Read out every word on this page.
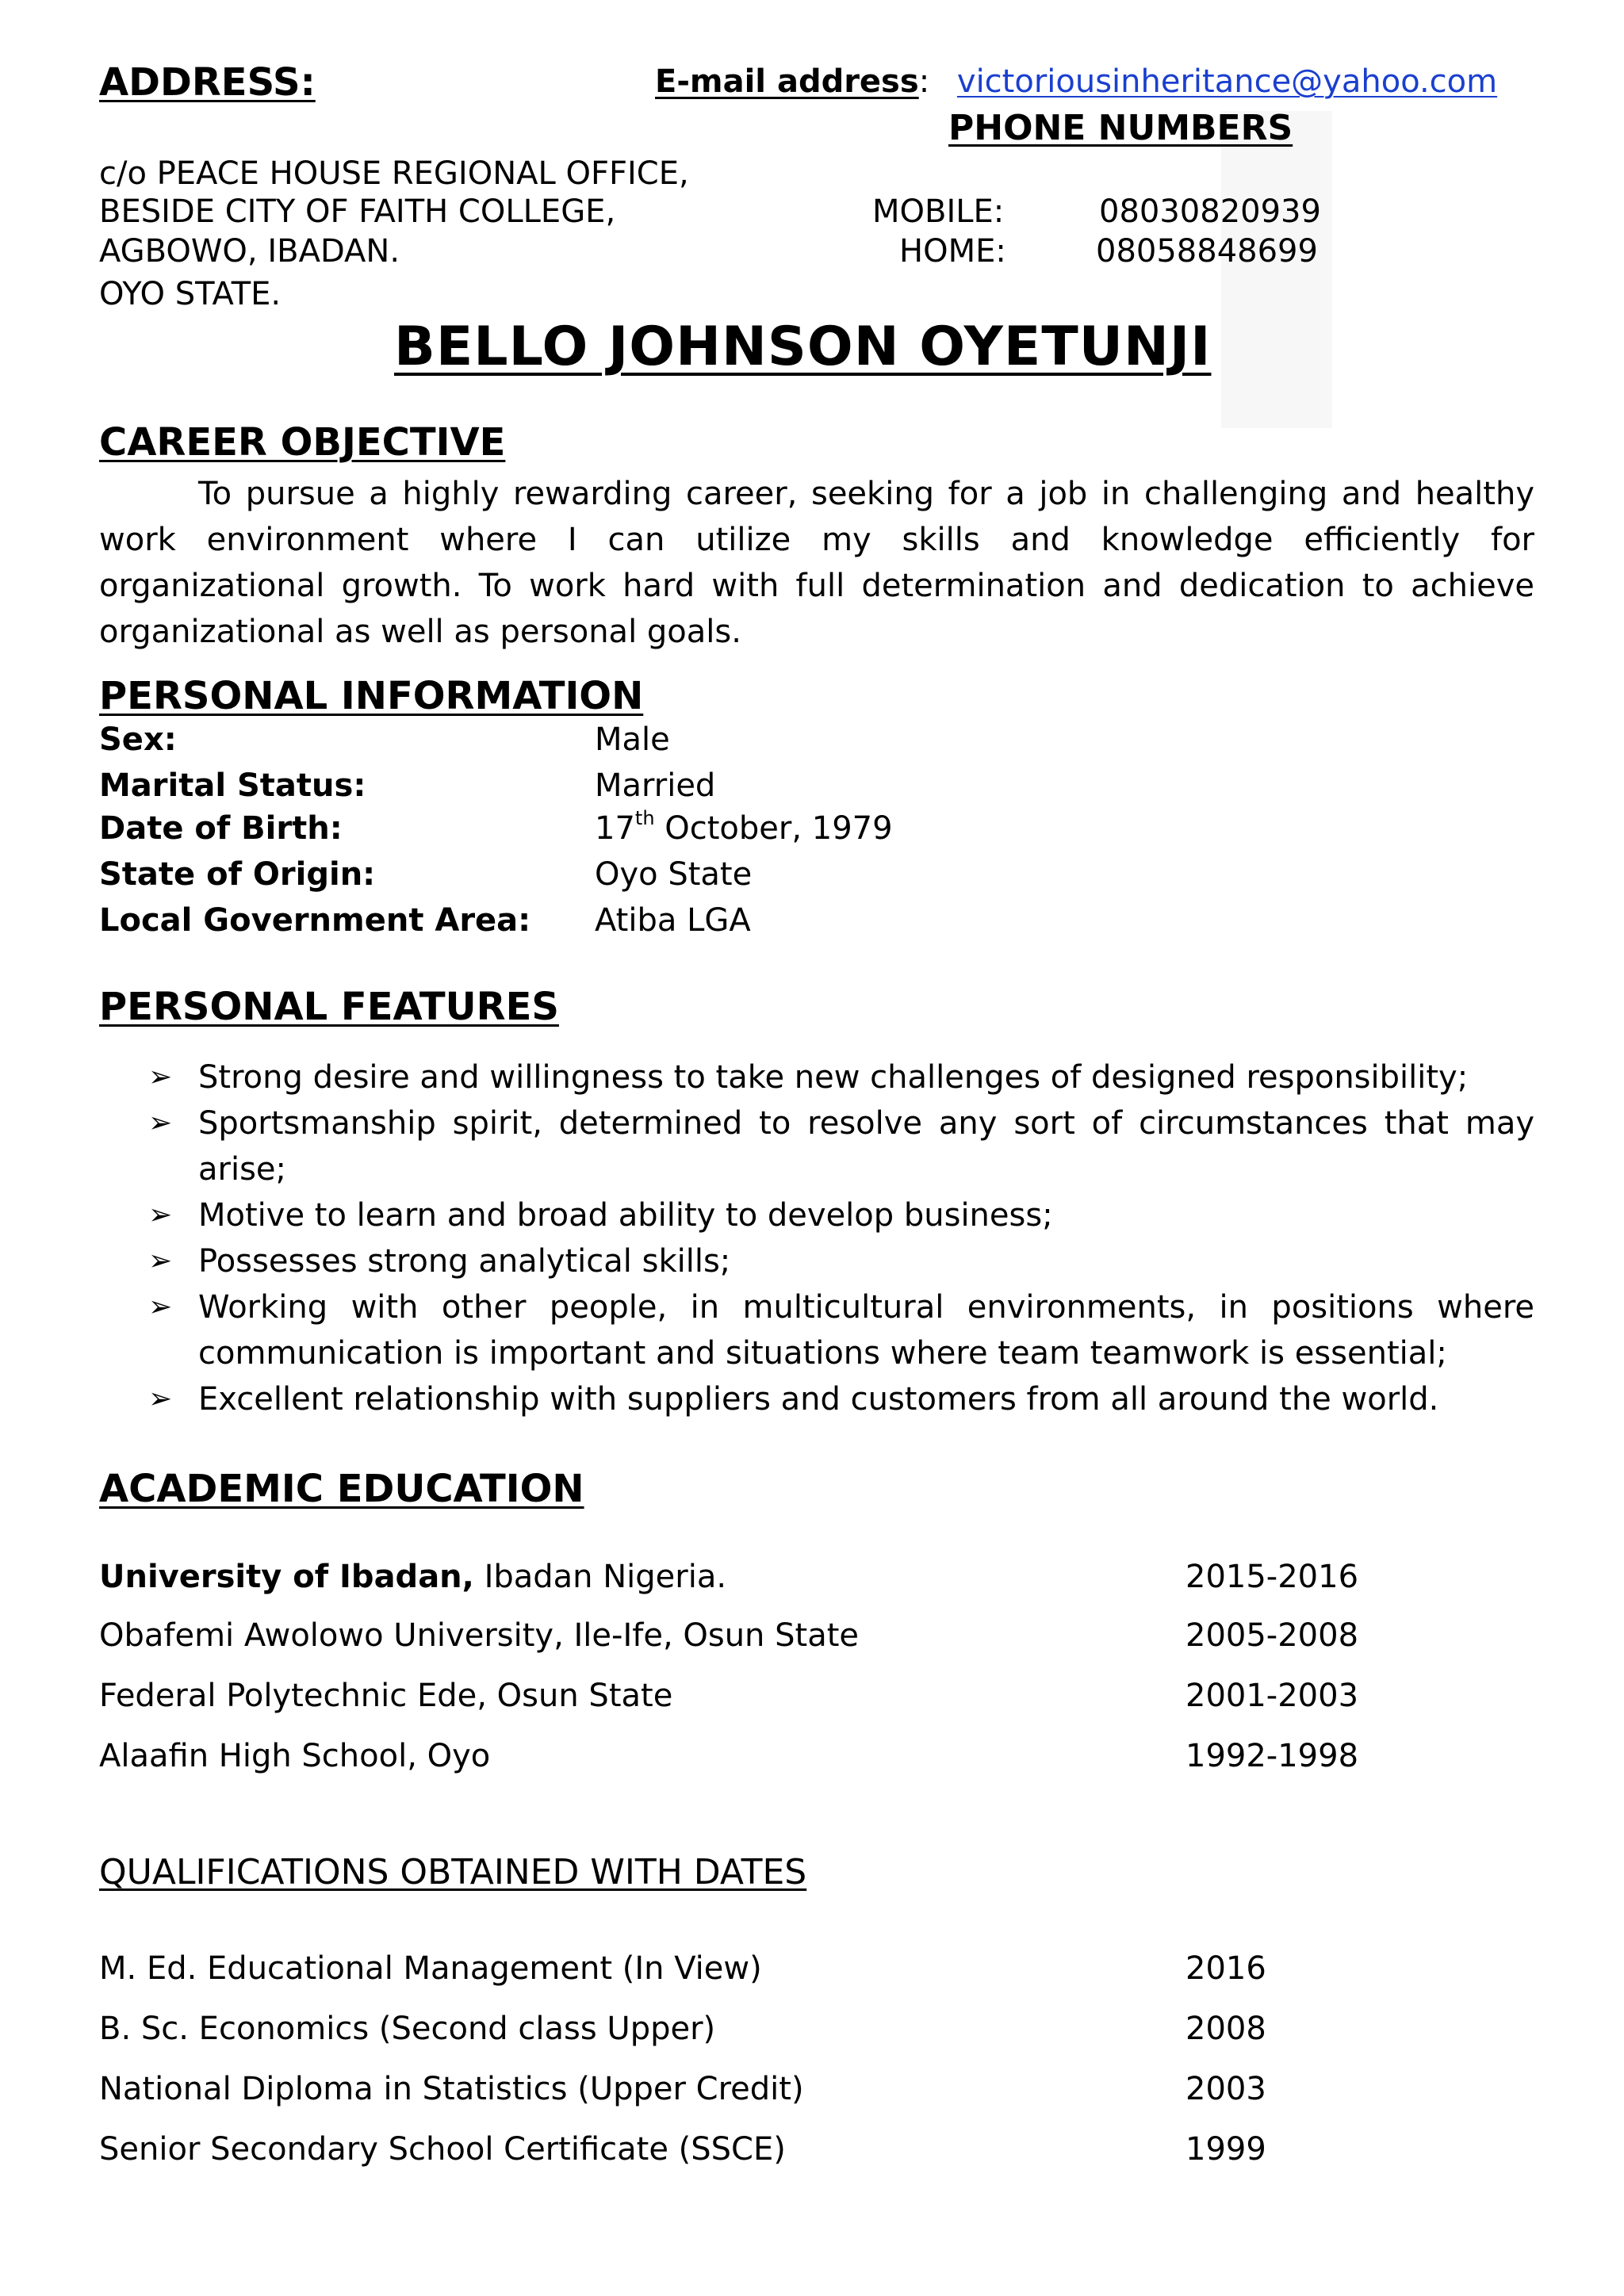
ADDRESS:	E-mail address: victoriousinheritance@yahoo.com
PHONE NUMBERS
c/o PEACE HOUSE REGIONAL OFFICE,
BESIDE CITY OF FAITH COLLEGE,
AGBOWO, IBADAN.
OYO STATE.
MOBILE:	08030820939
HOME:	08058848699
BELLO JOHNSON OYETUNJI
CAREER OBJECTIVE
To pursue a highly rewarding career, seeking for a job in challenging and healthy work environment where I can utilize my skills and knowledge efficiently for organizational growth. To work hard with full determination and dedication to achieve organizational as well as personal goals.
PERSONAL INFORMATION
Sex:	Male
Marital Status:	Married
Date of Birth:	17th October, 1979
State of Origin:	Oyo State
Local Government Area: Atiba LGA
PERSONAL FEATURES
➢ Strong desire and willingness to take new challenges of designed responsibility;
➢ Sportsmanship spirit, determined to resolve any sort of circumstances that may arise;
➢ Motive to learn and broad ability to develop business;
➢ Possesses strong analytical skills;
➢ Working with other people, in multicultural environments, in positions where communication is important and situations where team teamwork is essential;
➢ Excellent relationship with suppliers and customers from all around the world.
ACADEMIC EDUCATION
University of Ibadan, Ibadan Nigeria.	2015-2016
Obafemi Awolowo University, Ile-Ife, Osun State	2005-2008
Federal Polytechnic Ede, Osun State	2001-2003
Alaafin High School, Oyo	1992-1998
QUALIFICATIONS OBTAINED WITH DATES
M. Ed. Educational Management (In View)	2016
B. Sc. Economics (Second class Upper)	2008
National Diploma in Statistics (Upper Credit)	2003
Senior Secondary School Certificate (SSCE)	1999
